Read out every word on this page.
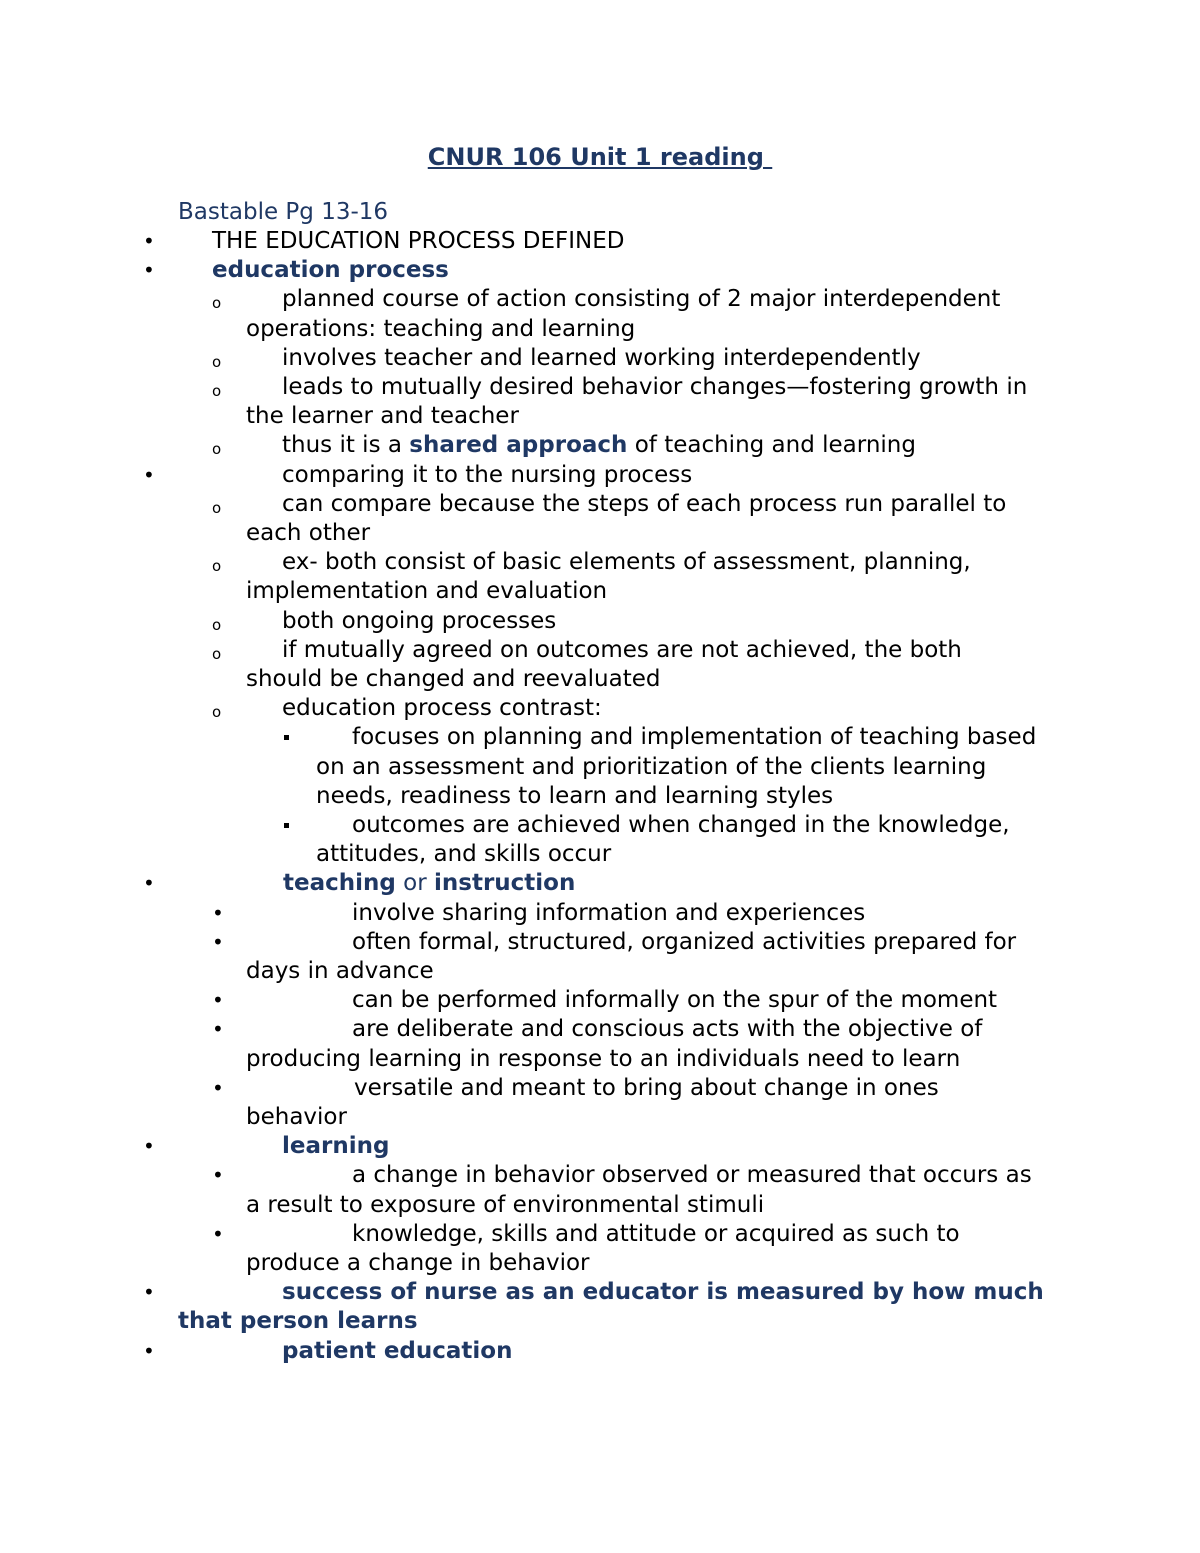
CNUR 106 Unit 1 reading
Bastable Pg 13-16
• THE EDUCATION PROCESS DEFINED
• education process
o	planned course of action consisting of 2 major interdependent
operations: teaching and learning
o	involves teacher and learned working interdependently
o	leads to mutually desired behavior changes—fostering growth in
the learner and teacher
o	thus it is a shared approach of teaching and learning
•	comparing it to the nursing process
o	can compare because the steps of each process run parallel to
each other
o	ex- both consist of basic elements of assessment, planning,
implementation and evaluation
o	both ongoing processes
o	if mutually agreed on outcomes are not achieved, the both
should be changed and reevaluated
o	education process contrast:
focuses on planning and implementation of teaching based
on an assessment and prioritization of the clients learning
needs, readiness to learn and learning styles
outcomes are achieved when changed in the knowledge,
attitudes, and skills occur
•	teaching or instruction
•	involve sharing information and experiences
•	often formal, structured, organized activities prepared for
days in advance
•	can be performed informally on the spur of the moment
•	are deliberate and conscious acts with the objective of
producing learning in response to an individuals need to learn
•	versatile and meant to bring about change in ones
behavior
•	learning
•	a change in behavior observed or measured that occurs as
a result to exposure of environmental stimuli
•	knowledge, skills and attitude or acquired as such to
produce a change in behavior
•	success of nurse as an educator is measured by how much
that person learns
•	patient education
